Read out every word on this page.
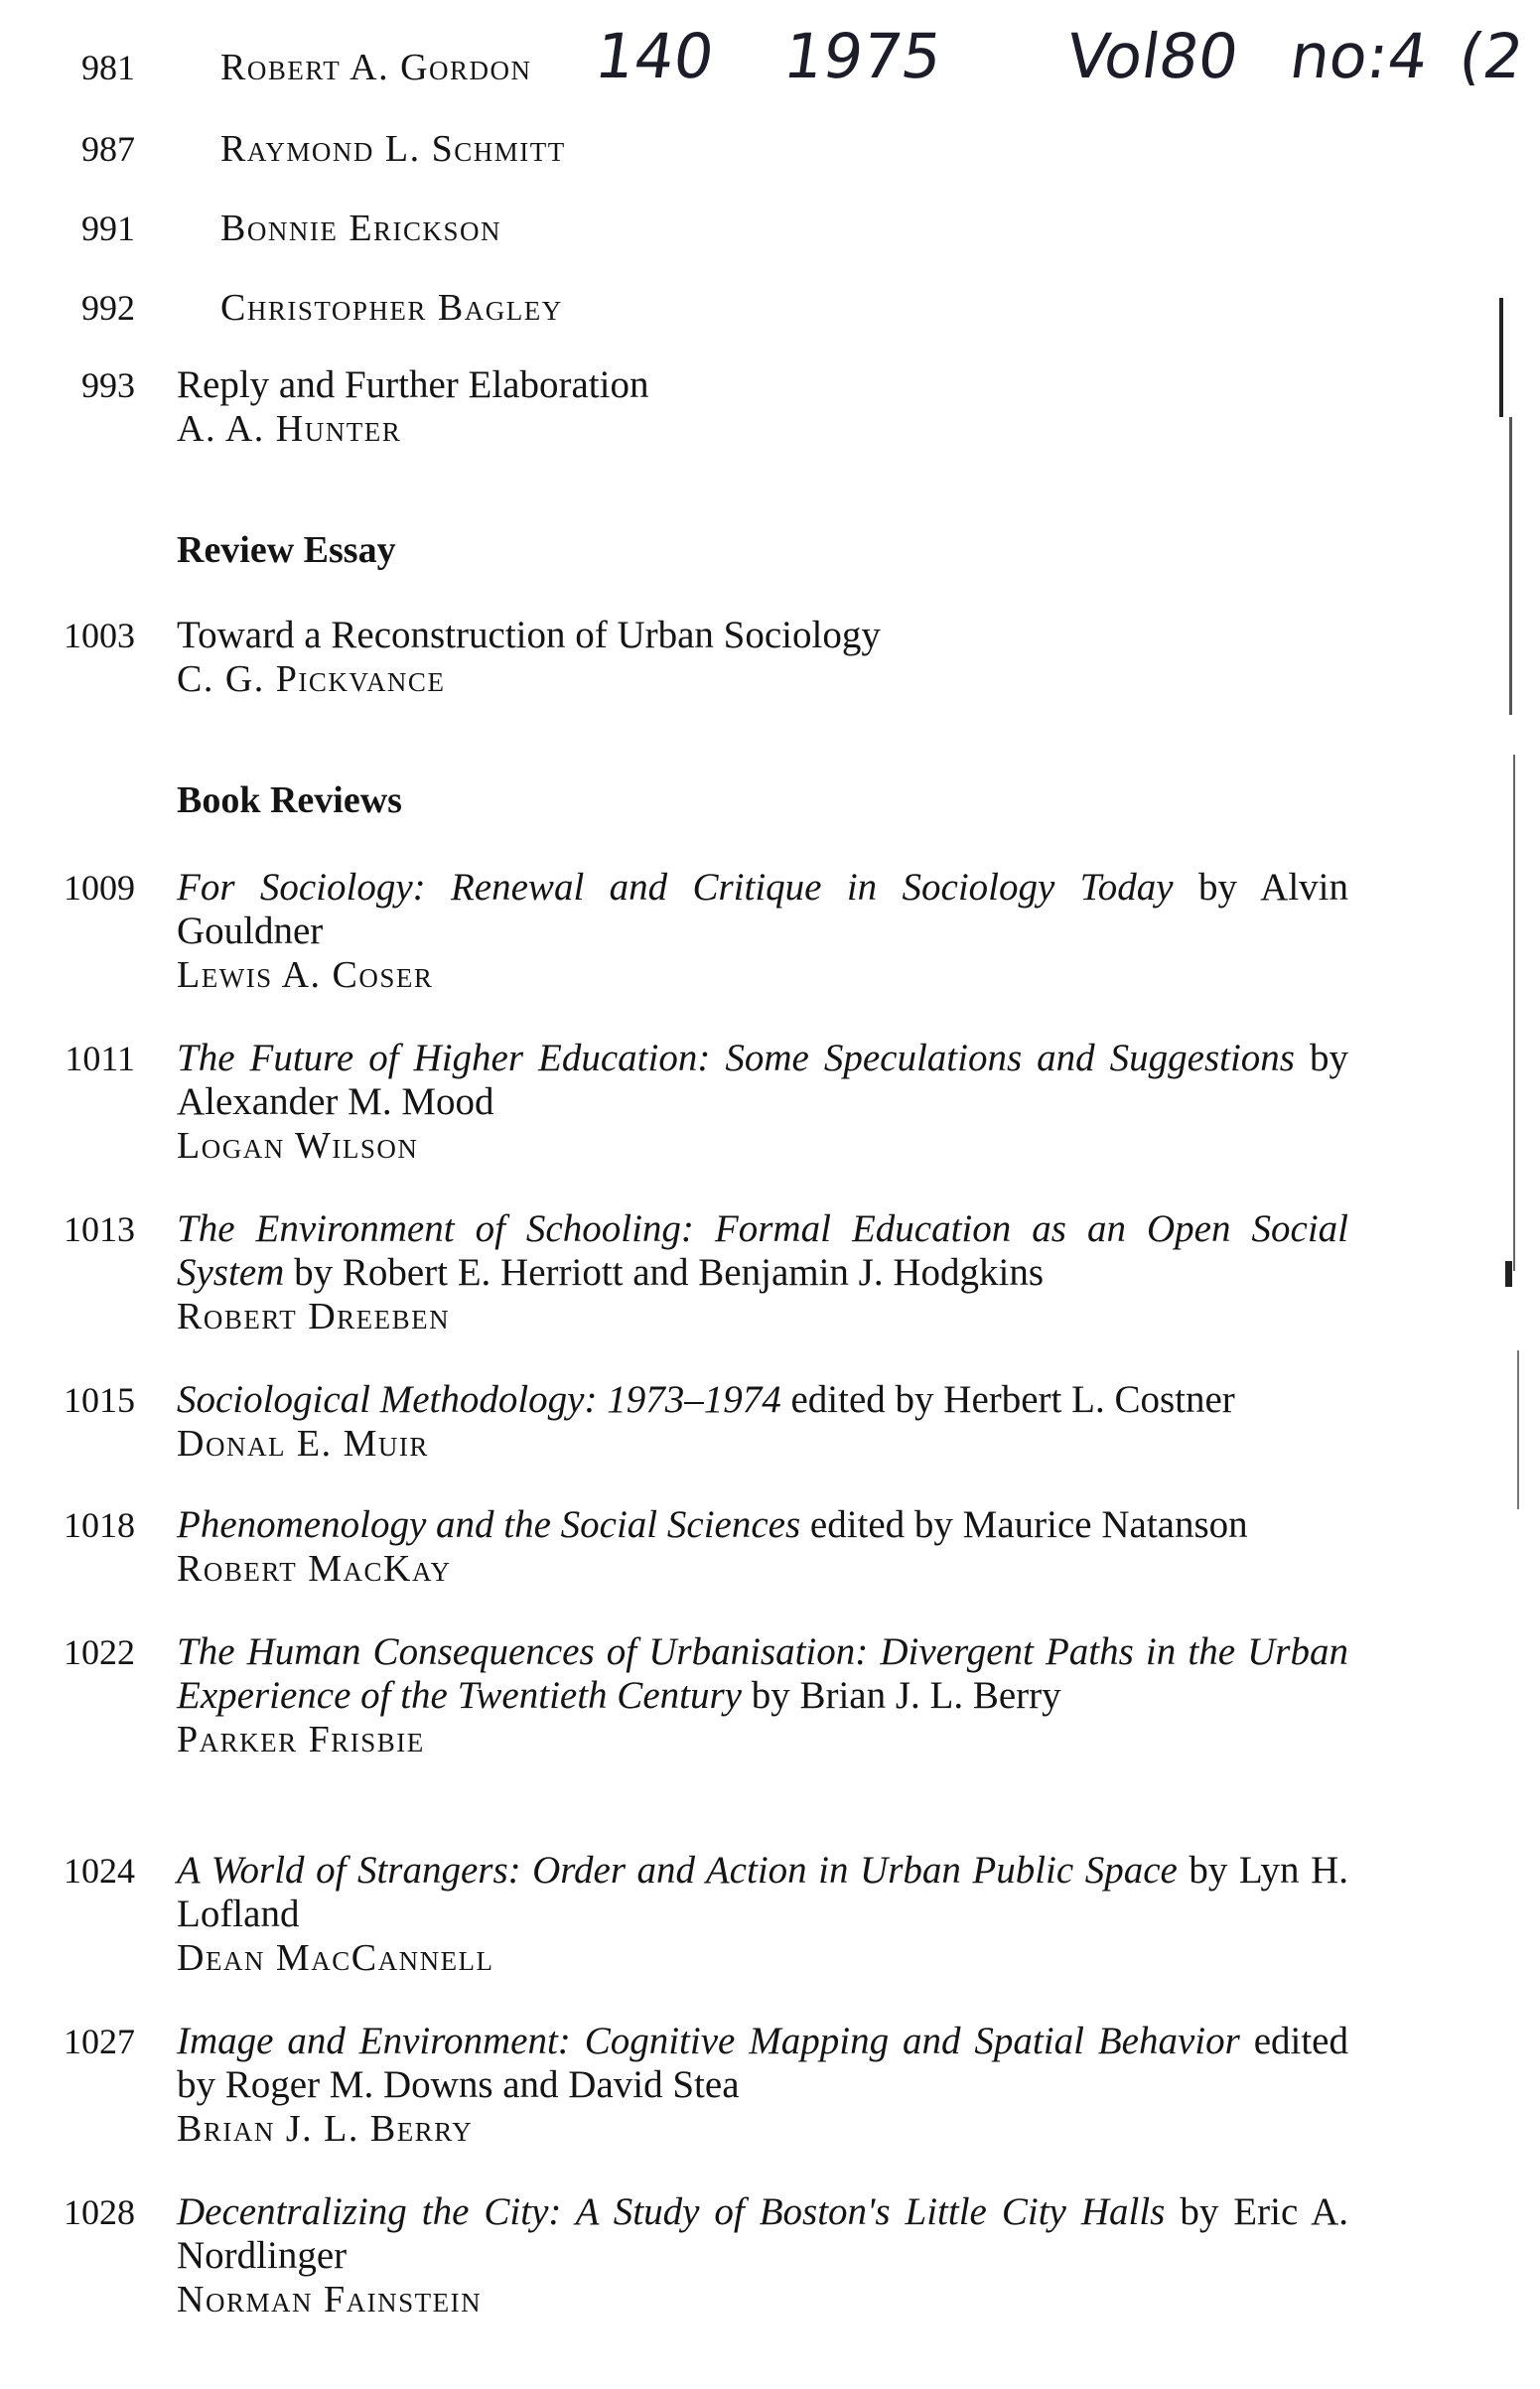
140 1975 Vol80 no:4 (2
981 Robert A. Gordon
987 Raymond L. Schmitt
991 Bonnie Erickson
992 Christopher Bagley
993 Reply and Further Elaboration
A. A. Hunter
Review Essay
1003 Toward a Reconstruction of Urban Sociology
C. G. Pickvance
Book Reviews
1009 For Sociology: Renewal and Critique in Sociology Today by Alvin Gouldner
Lewis A. Coser
1011 The Future of Higher Education: Some Speculations and Suggestions by Alexander M. Mood
Logan Wilson
1013 The Environment of Schooling: Formal Education as an Open Social System by Robert E. Herriott and Benjamin J. Hodgkins
Robert Dreeben
1015 Sociological Methodology: 1973–1974 edited by Herbert L. Costner
Donal E. Muir
1018 Phenomenology and the Social Sciences edited by Maurice Natanson
Robert MacKay
1022 The Human Consequences of Urbanisation: Divergent Paths in the Urban Experience of the Twentieth Century by Brian J. L. Berry
Parker Frisbie
1024 A World of Strangers: Order and Action in Urban Public Space by Lyn H. Lofland
Dean MacCannell
1027 Image and Environment: Cognitive Mapping and Spatial Behavior edited by Roger M. Downs and David Stea
Brian J. L. Berry
1028 Decentralizing the City: A Study of Boston's Little City Halls by Eric A. Nordlinger
Norman Fainstein
